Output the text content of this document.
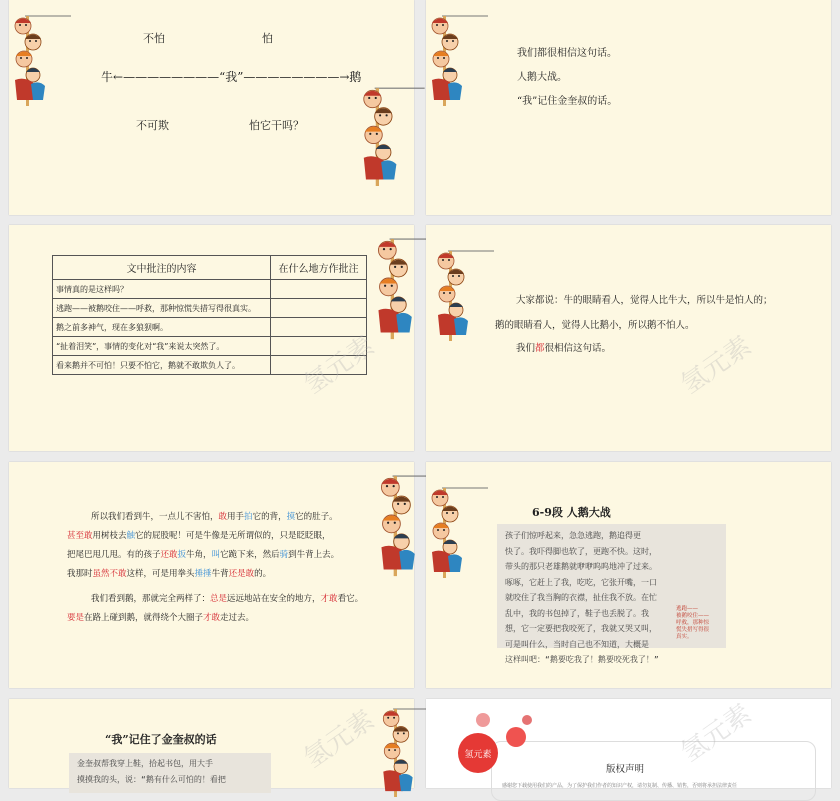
不怕	怕
牛←————————“我”————————→鹅
不可欺	怕它干吗？
我们都很相信这句话。
人鹅大战。
“我”记住金奎叔的话。
文中批注的内容	在什么地方作批注
事情真的是这样吗？	
逃跑——被鹅咬住——呼救，那种惊慌失措写得很真实。	
鹅之前多神气，现在多狼狈啊。	
“扯着泪笑”，事情的变化对“我”来说太突然了。	
看来鹅并不可怕！只要不怕它，鹅就不敢欺负人了。	氢元素
大家都说：牛的眼睛看人，觉得人比牛大，所以牛是怕人的；
鹅的眼睛看人，觉得人比鹅小，所以鹅不怕人。
我们都很相信这句话。 氢元素
所以我们看到牛，一点儿不害怕，敢用手拍它的背，摸它的肚子。
甚至敢用树枝去触它的屁股呢！可是牛像是无所谓似的，只是眨眨眼，
把尾巴甩几甩。有的孩子还敢扳牛角，叫它跪下来，然后骑到牛背上去。
我那时虽然不敢这样，可是用拳头捶捶牛背还是敢的。
我们看到鹅，那就完全两样了：总是远远地站在安全的地方，才敢看它。
要是在路上碰到鹅，就得绕个大圈子才敢走过去。
6-9段 人鹅大战
孩子们惊呼起来，急急逃跑，鹅追得更
快了。我吓得脚也软了，更跑不快。这时，
带头的那只老雄鹅就咿咿呜呜地冲了过来。
啄啄，它赶上了我，吃吃，它张开嘴，一口
就咬住了我当胸的衣襟，扯住我不放。在忙
乱中，我的书包掉了，鞋子也丢脱了。我
想，它一定要把我咬死了，我就又哭又叫，
可是叫什么，当时自己也不知道，大概是
这样叫吧：“鹅要吃我了！鹅要咬死我了！”
逃跑——
被鹅咬住——
呼救，那种惊
慌失措写得很
真实。
“我”记住了金奎叔的话
金奎叔帮我穿上鞋，拾起书包，用大手
摸摸我的头，说：“鹅有什么可怕的！看把
氢元素	氢元素
版权声明
感谢您下载使用我们的产品，为了保护我们作者的知识产权，请勿复制、传播、销售，否则将承担法律责任
氢元素
